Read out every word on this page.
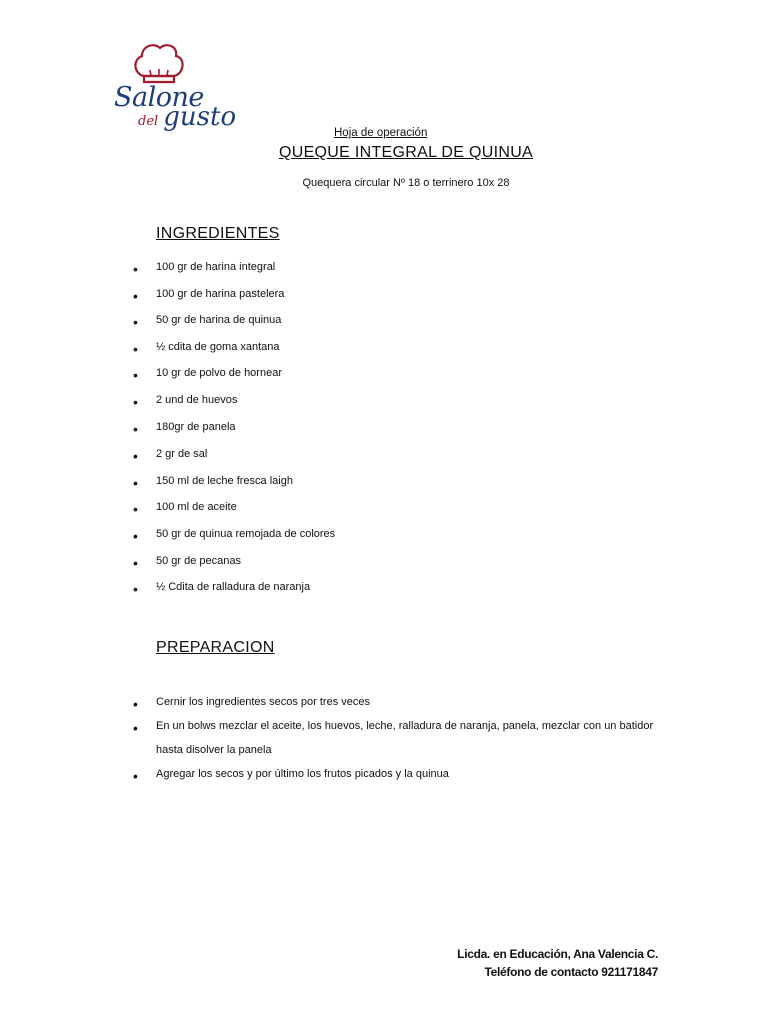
Salone
del gusto
Hoja de operación
QUEQUE INTEGRAL DE QUINUA
Quequera circular Nº 18 o terrinero 10x 28
INGREDIENTES
• 100 gr de harina integral
• 100 gr de harina pastelera
• 50 gr de harina de quinua
• ½ cdita de goma xantana
• 10 gr de polvo de hornear
• 2 und de huevos
• 180gr de panela
• 2 gr de sal
• 150 ml de leche fresca laigh
• 100 ml de aceite
• 50 gr de quinua remojada de colores
• 50 gr de pecanas
• ½ Cdita de ralladura de naranja
PREPARACION
• Cernir los ingredientes secos por tres veces
• En un bolws mezclar el aceite, los huevos, leche, ralladura de naranja, panela, mezclar con un batidor hasta disolver la panela
• Agregar los secos y por último los frutos picados y la quinua
Licda. en Educación, Ana Valencia C.
Teléfono de contacto 921171847
